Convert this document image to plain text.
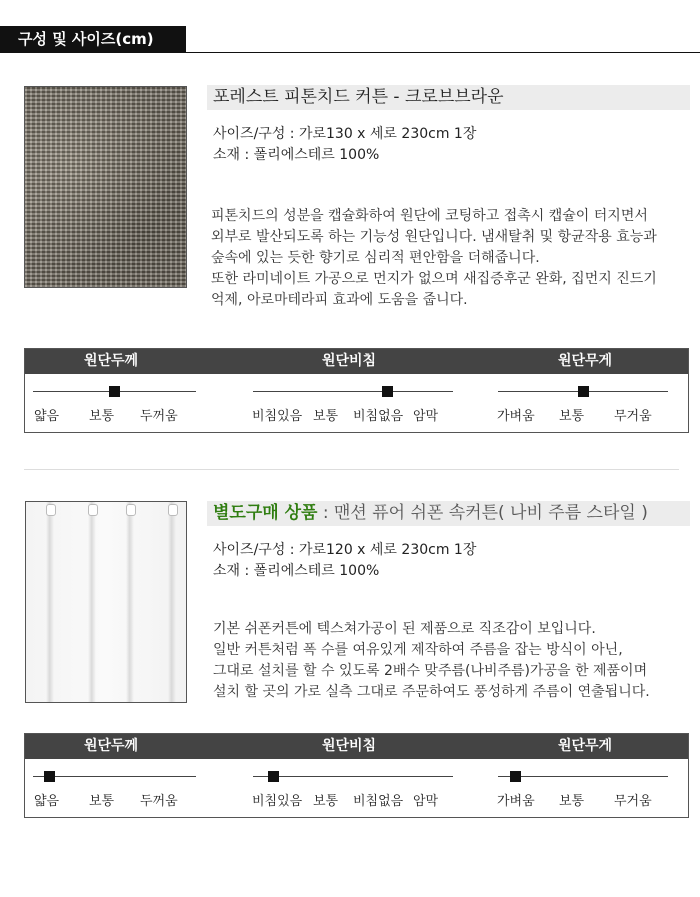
구성 및 사이즈(cm)
포레스트 피톤치드 커튼 - 크로브브라운
사이즈/구성 : 가로130 x 세로 230cm 1장
소재 : 폴리에스테르 100%
피톤치드의 성분을 캡슐화하여 원단에 코팅하고 접촉시 캡슐이 터지면서
외부로 발산되도록 하는 기능성 원단입니다. 냄새탈취 및 항균작용 효능과
숲속에 있는 듯한 향기로 심리적 편안함을 더해줍니다.
또한 라미네이트 가공으로 먼지가 없으며 새집증후군 완화, 집먼지 진드기
억제, 아로마테라피 효과에 도움을 줍니다.
원단두께	원단비침	원단무게
얇음 보통 두꺼움	비침있음 보통 비침없음 암막	가벼움 보통 무거움
별도구매 상품 : 맨션 퓨어 쉬폰 속커튼( 나비 주름 스타일 )
사이즈/구성 : 가로120 x 세로 230cm 1장
소재 : 폴리에스테르 100%
기본 쉬폰커튼에 텍스쳐가공이 된 제품으로 직조감이 보입니다.
일반 커튼처럼 폭 수를 여유있게 제작하여 주름을 잡는 방식이 아닌,
그대로 설치를 할 수 있도록 2배수 맞주름(나비주름)가공을 한 제품이며
설치 할 곳의 가로 실측 그대로 주문하여도 풍성하게 주름이 연출됩니다.
원단두께	원단비침	원단무게
얇음 보통 두꺼움	비침있음 보통 비침없음 암막	가벼움 보통 무거움
